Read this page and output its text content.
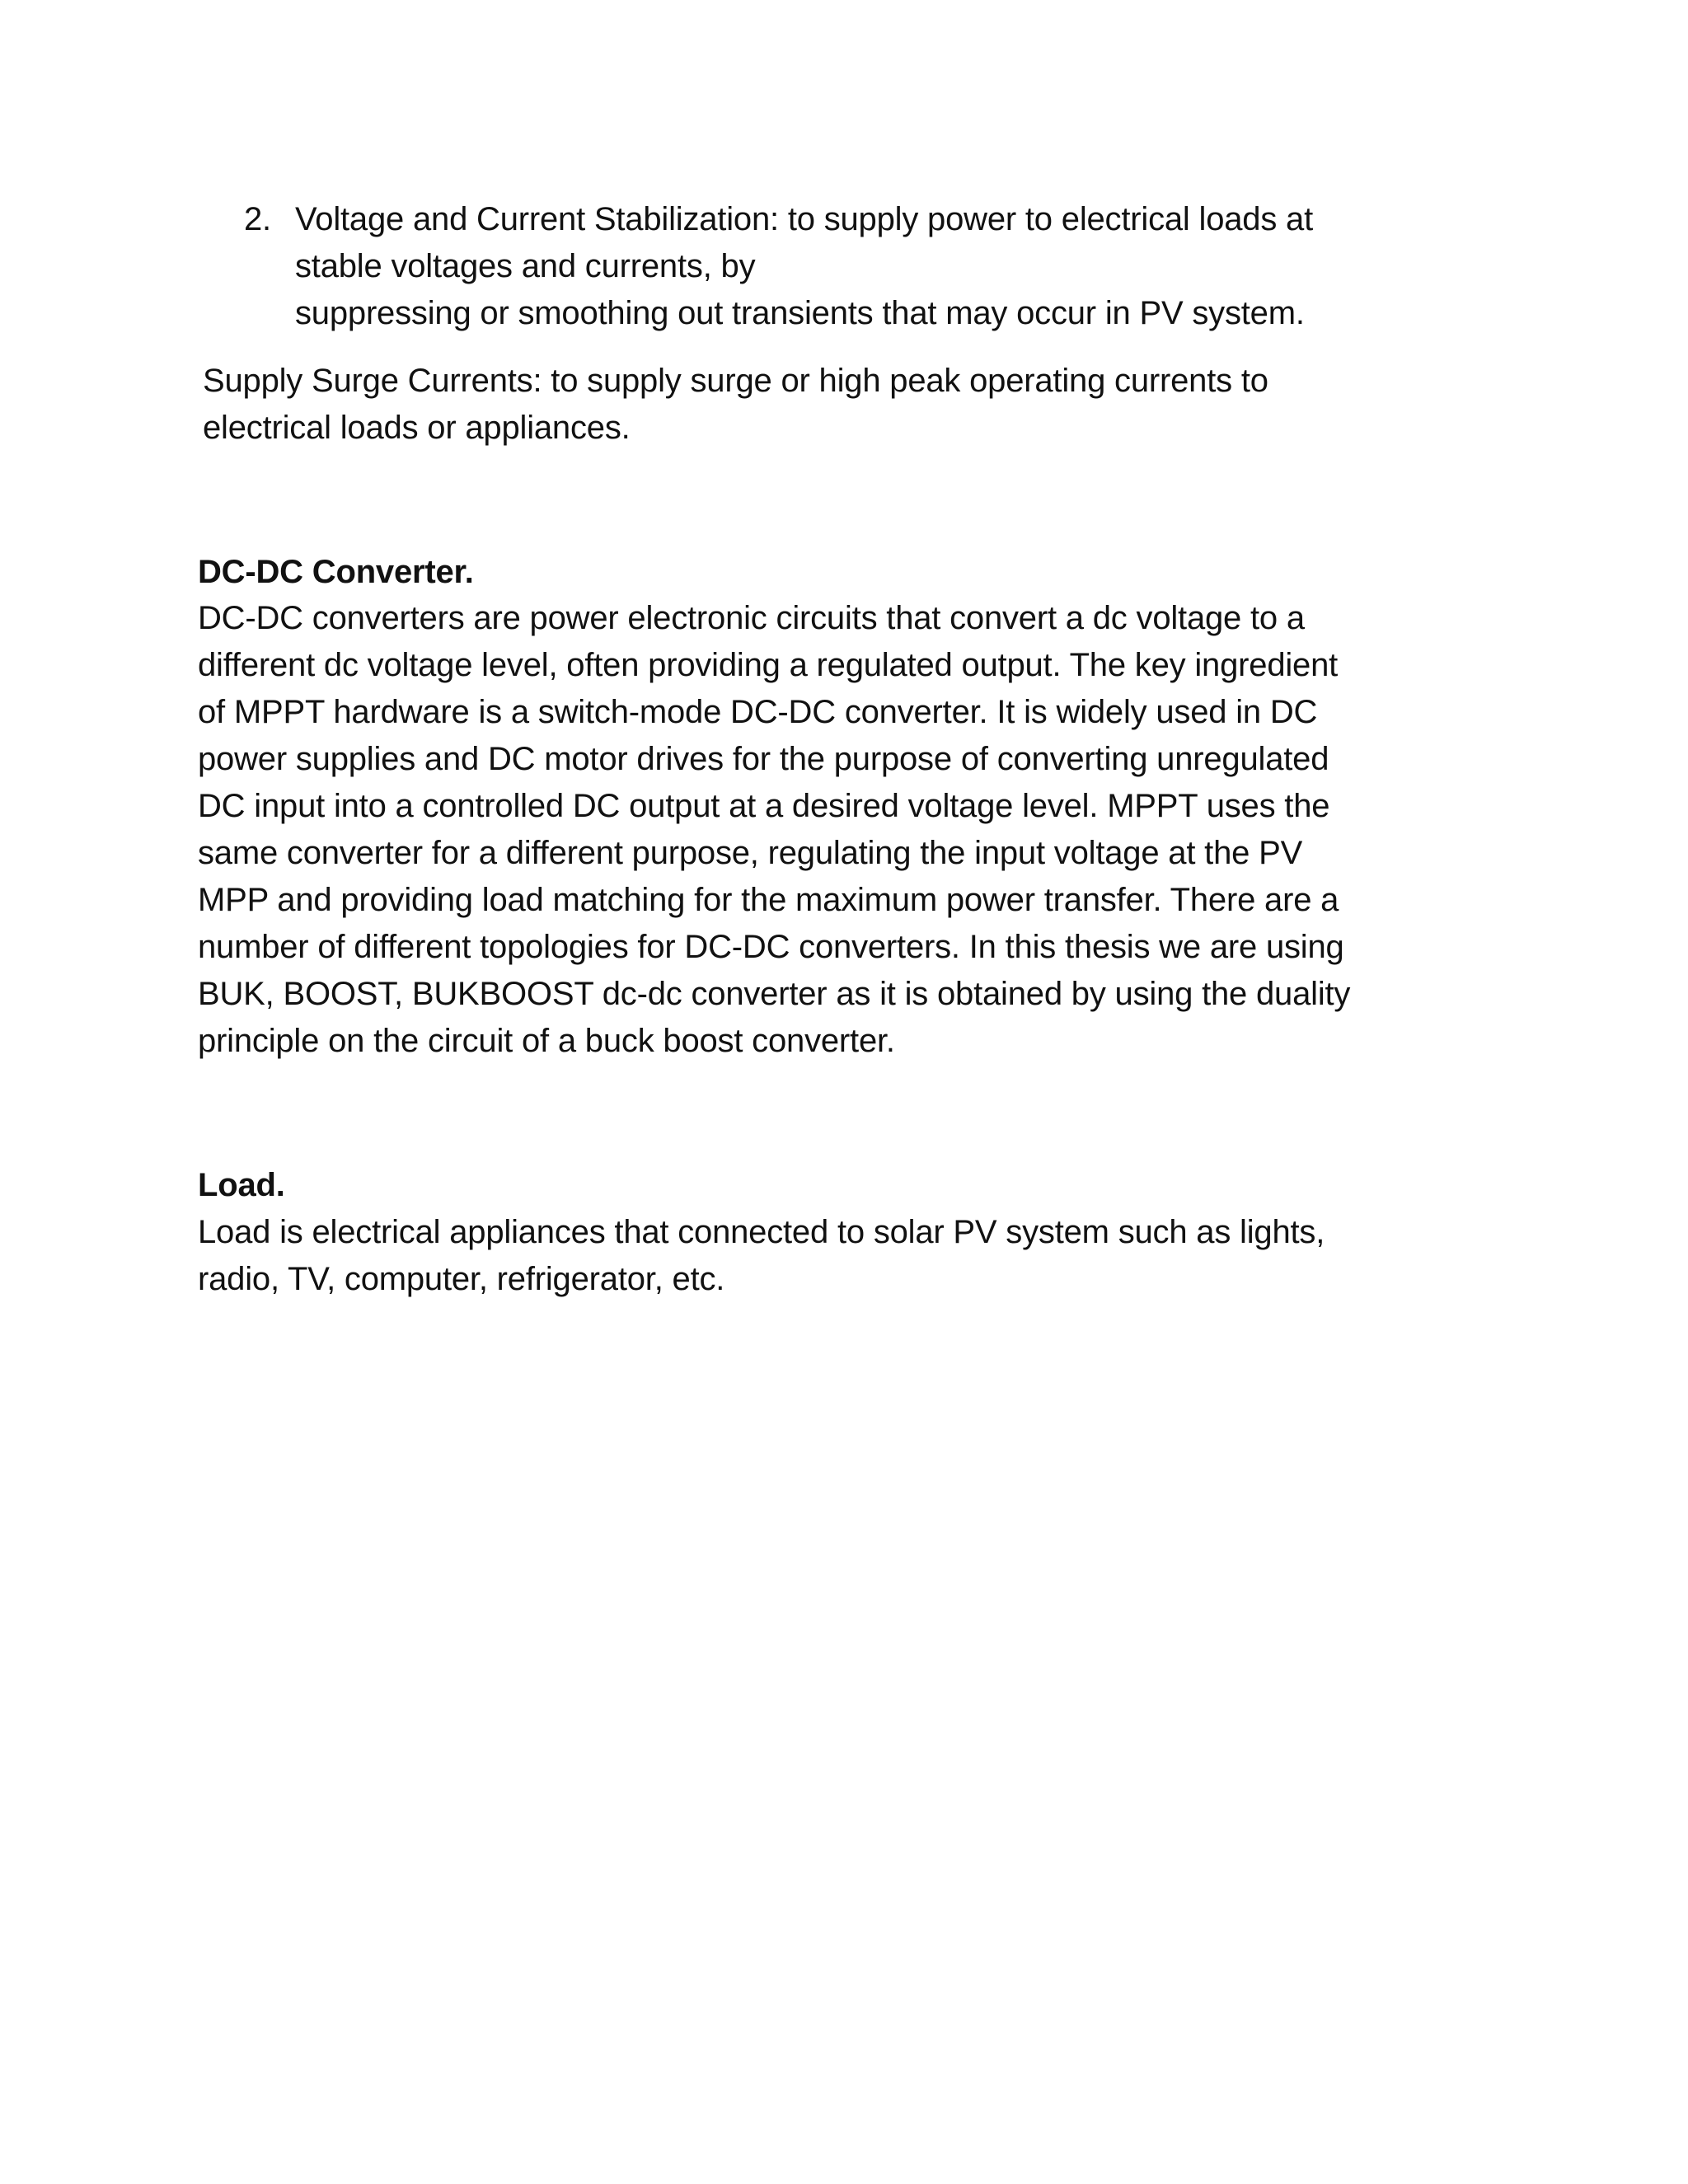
2. Voltage and Current Stabilization: to supply power to electrical loads at
stable voltages and currents, by
suppressing or smoothing out transients that may occur in PV system.
Supply Surge Currents: to supply surge or high peak operating currents to
electrical loads or appliances.
DC-DC Converter.
DC-DC converters are power electronic circuits that convert a dc voltage to a
different dc voltage level, often providing a regulated output. The key ingredient
of MPPT hardware is a switch-mode DC-DC converter. It is widely used in DC
power supplies and DC motor drives for the purpose of converting unregulated
DC input into a controlled DC output at a desired voltage level. MPPT uses the
same converter for a different purpose, regulating the input voltage at the PV
MPP and providing load matching for the maximum power transfer. There are a
number of different topologies for DC-DC converters. In this thesis we are using
BUK, BOOST, BUKBOOST dc-dc converter as it is obtained by using the duality
principle on the circuit of a buck boost converter.
Load.
Load is electrical appliances that connected to solar PV system such as lights,
radio, TV, computer, refrigerator, etc.
